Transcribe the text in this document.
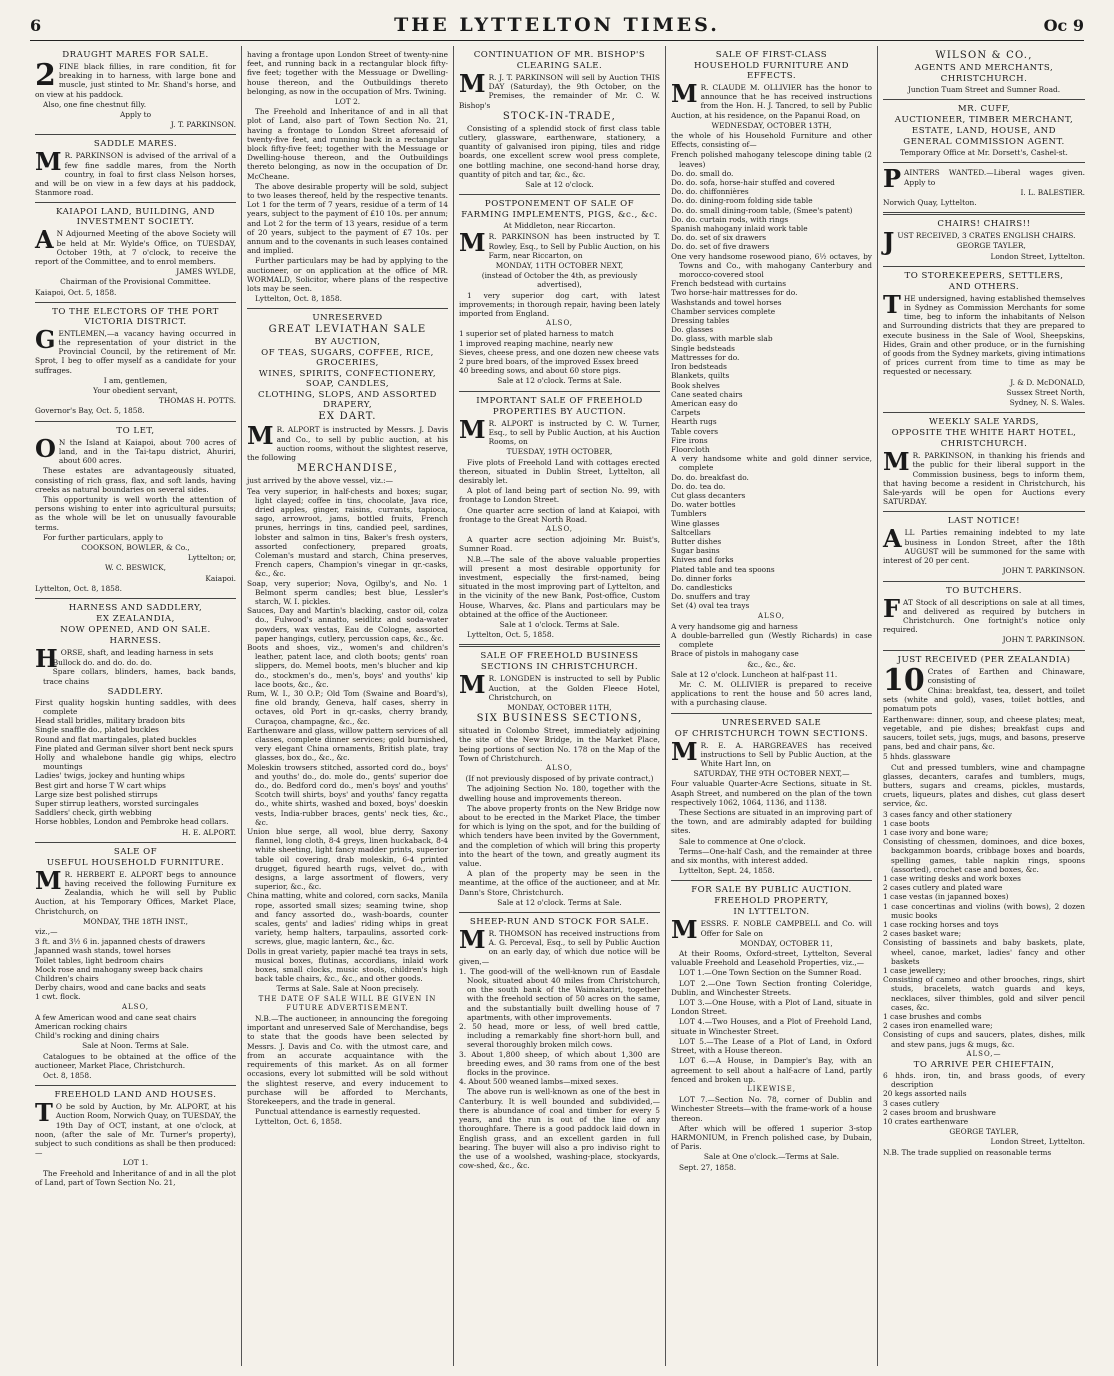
6	THE LYTTELTON TIMES.	Oc 9
DRAUGHT MARES FOR SALE.

2 FINE black fillies, in rare condition, fit for breaking in to harness, with large bone and muscle, just stinted to Mr. Shand's horse, and on view at his paddock.

Also, one fine chestnut filly.

Apply to

J. T. PARKINSON.

SADDLE MARES.

M R. PARKINSON is advised of the arrival of a few fine saddle mares, from the North country, in foal to first class Nelson horses, and will be on view in a few days at his paddock, Stanmore road.

KAIAPOI LAND, BUILDING, AND INVESTMENT SOCIETY.

A N Adjourned Meeting of the above Society will be held at Mr. Wylde's Office, on TUESDAY, October 19th, at 7 o'clock, to receive the report of the Committee, and to enrol members.

JAMES WYLDE,

Chairman of the Provisional Committee.

Kaiapoi, Oct. 5, 1858.

TO THE ELECTORS OF THE PORT VICTORIA DISTRICT.

GENTLEMEN,—a vacancy having occurred in the representation of your district in the Provincial Council, by the retirement of Mr. Sprot, I beg to offer myself as a candidate for your suffrages.

I am, gentlemen,

Your obedient servant,

THOMAS H. POTTS.

Governor's Bay, Oct. 5, 1858.

TO LET,

O N the Island at Kaiapoi, about 700 acres of land, and in the Tai-tapu district, Ahuriri, about 600 acres.

These estates are advantageously situated, consisting of rich grass, flax, and soft lands, having creeks as natural boundaries on several sides.

This opportunity is well worth the attention of persons wishing to enter into agricultural pursuits; as the whole will be let on unusually favourable terms.

For further particulars, apply to

COOKSON, BOWLER, & Co.,

Lyttelton; or,

W. C. BESWICK,

Kaiapoi.

Lyttelton, Oct. 8, 1858.

HARNESS AND SADDLERY,
EX ZEALANDIA,
NOW OPENED, AND ON SALE.
HARNESS.

HORSE, shaft, and leading harness in sets

Bullock do. and do. do. do.
Spare collars, blinders, hames, back bands, trace chains
SADDLERY.
First quality hogskin hunting saddles, with dees complete
Head stall bridles, military bradoon bits
Single snaffle do., plated buckles
Round and flat martingales, plated buckles
Fine plated and German silver short bent neck spurs
Holly and whalebone handle gig whips, electro mountings
Ladies' twigs, jockey and hunting whips
Best girt and horse T W cart whips
Large size best polished stirrups
Super stirrup leathers, worsted surcingales
Saddlers' check, girth webbing
Horse hobbles, London and Pembroke head collars.

H. E. ALPORT.

SALE OF
USEFUL HOUSEHOLD FURNITURE.

M R. HERBERT E. ALPORT begs to announce having received the following Furniture ex Zealandia, which he will sell by Public Auction, at his Temporary Offices, Market Place, Christchurch, on

MONDAY, THE 18TH INST.,

viz.,—

3 ft. and 3½ 6 in. japanned chests of drawers
Japanned wash stands, towel horses
Toilet tables, light bedroom chairs
Mock rose and mahogany sweep back chairs
Children's chairs
Derby chairs, wood and cane backs and seats
1 cwt. flock.

ALSO,

A few American wood and cane seat chairs
American rocking chairs
Child's rocking and dining chairs

Sale at Noon. Terms at Sale.

Catalogues to be obtained at the office of the auctioneer, Market Place, Christchurch.

Oct. 8, 1858.

FREEHOLD LAND AND HOUSES.

T O be sold by Auction, by Mr. ALPORT, at his Auction Room, Norwich Quay, on TUESDAY, the 19th Day of OCT, instant, at one o'clock, at noon, (after the sale of Mr. Turner's property), subject to such conditions as shall be then produced:—

LOT 1.

The Freehold and Inheritance of and in all the plot of Land, part of Town Section No. 21,

having a frontage upon London Street of twenty-nine feet, and running back in a rectangular block fifty-five feet; together with the Messuage or Dwelling-house thereon, and the Outbuildings thereto belonging, as now in the occupation of Mrs. Twining.

LOT 2.

The Freehold and Inheritance of and in all that plot of Land, also part of Town Section No. 21, having a frontage to London Street aforesaid of twenty-five feet, and running back in a rectangular block fifty-five feet; together with the Messuage or Dwelling-house thereon, and the Outbuildings thereto belonging, as now in the occupation of Dr. McCheane.

The above desirable property will be sold, subject to two leases thereof, held by the respective tenants. Lot 1 for the term of 7 years, residue of a term of 14 years, subject to the payment of £10 10s. per annum; and Lot 2 for the term of 13 years, residue of a term of 20 years, subject to the payment of £7 10s. per annum and to the covenants in such leases contained and implied.

Further particulars may be had by applying to the auctioneer, or on application at the office of MR. WORMALD, Solicitor, where plans of the respective lots may be seen.

Lyttelton, Oct. 8, 1858.

UNRESERVED
GREAT LEVIATHAN SALE
BY AUCTION,
OF TEAS, SUGARS, COFFEE, RICE, GROCERIES,
WINES, SPIRITS, CONFECTIONERY, SOAP, CANDLES,
CLOTHING, SLOPS, AND ASSORTED DRAPERY,
EX DART.

M R. ALPORT is instructed by Messrs. J. Davis and Co., to sell by public auction, at his auction rooms, without the slightest reserve, the following

MERCHANDISE,

just arrived by the above vessel, viz.:—

Tea very superior, in half-chests and boxes; sugar, light clayed; coffee in tins, chocolate, Java rice, dried apples, ginger, raisins, currants, tapioca, sago, arrowroot, jams, bottled fruits, French prunes, herrings in tins, candied peel, sardines, lobster and salmon in tins, Baker's fresh oysters, assorted confectionery, prepared groats, Coleman's mustard and starch, China preserves, French capers, Champion's vinegar in qr.-casks, &c., &c.
Soap, very superior; Nova, Ogilby's, and No. 1 Belmont sperm candles; best blue, Lessler's starch, W. I. pickles.
Sauces, Day and Martin's blacking, castor oil, colza do., Fulwood's annatto, seidlitz and soda-water powders, wax vestas, Eau de Cologne, assorted paper hangings, cutlery, percussion caps, &c., &c.
Boots and shoes, viz., women's and children's leather, patent lace, and cloth boots; gents' roan slippers, do. Memel boots, men's blucher and kip do., stockmen's do., men's, boys' and youths' kip lace boots, &c., &c.
Rum, W. I., 30 O.P.; Old Tom (Swaine and Board's), fine old brandy, Geneva, half cases, sherry in octaves, old Port in qr.-casks, cherry brandy, Curaçoa, champagne, &c., &c.
Earthenware and glass, willow pattern services of all classes, complete dinner services; gold burnished, very elegant China ornaments, British plate, tray glasses, box do., &c., &c.
Moleskin trowsers stitched, assorted cord do., boys' and youths' do., do. mole do., gents' superior doe do., do. Bedford cord do., men's boys' and youths' Scotch twill shirts, boys' and youths' fancy regatta do., white shirts, washed and boxed, boys' doeskin vests, India-rubber braces, gents' neck ties, &c., &c.
Union blue serge, all wool, blue derry, Saxony flannel, long cloth, 8-4 greys, linen huckaback, 8-4 white sheeting, light fancy madder prints, superior table oil covering, drab moleskin, 6-4 printed drugget, figured hearth rugs, velvet do., with designs, a large assortment of flowers, very superior, &c., &c.
China matting, white and colored, corn sacks, Manila rope, assorted small sizes; seaming twine, shop and fancy assorted do., wash-boards, counter scales, gents' and ladies' riding whips in great variety, hemp halters, tarpaulins, assorted cork-screws, glue, magic lantern, &c., &c.
Dolls in great variety, papier maché tea trays in sets, musical boxes, flutinas, accordians, inlaid work boxes, small clocks, music stools, children's high back table chairs, &c., &c., and other goods.

Terms at Sale. Sale at Noon precisely.

THE DATE OF SALE WILL BE GIVEN IN FUTURE ADVERTISEMENT.

N.B.—The auctioneer, in announcing the foregoing important and unreserved Sale of Merchandise, begs to state that the goods have been selected by Messrs. J. Davis and Co. with the utmost care, and from an accurate acquaintance with the requirements of this market. As on all former occasions, every lot submitted will be sold without the slightest reserve, and every inducement to purchase will be afforded to Merchants, Storekeepers, and the trade in general.

Punctual attendance is earnestly requested.

Lyttelton, Oct. 6, 1858.

CONTINUATION OF MR. BISHOP'S
CLEARING SALE.

M R. J. T. PARKINSON will sell by Auction THIS DAY (Saturday), the 9th October, on the Premises, the remainder of Mr. C. W. Bishop's

STOCK-IN-TRADE,

Consisting of a splendid stock of first class table cutlery, glassware, earthenware, stationery, a quantity of galvanised iron piping, tiles and ridge boards, one excellent screw wool press complete, one bottling machine, one second-hand horse dray, quantity of pitch and tar, &c., &c.

Sale at 12 o'clock.

POSTPONEMENT OF SALE OF
FARMING IMPLEMENTS, PIGS, &c., &c.

At Middleton, near Riccarton.

M R. PARKINSON has been instructed by T. Rowley, Esq., to Sell by Public Auction, on his Farm, near Riccarton, on

MONDAY, 11TH OCTOBER NEXT,

(instead of October the 4th, as previously advertised),

1 very superior dog cart, with latest improvements; in thorough repair, having been lately imported from England.

ALSO,

1 superior set of plated harness to match
1 improved reaping machine, nearly new
Sieves, cheese press, and one dozen new cheese vats
2 pure bred boars, of the improved Essex breed
40 breeding sows, and about 60 store pigs.

Sale at 12 o'clock. Terms at Sale.

IMPORTANT SALE OF FREEHOLD
PROPERTIES BY AUCTION.

M R. ALPORT is instructed by C. W. Turner, Esq., to sell by Public Auction, at his Auction Rooms, on

TUESDAY, 19TH OCTOBER,

Five plots of Freehold Land with cottages erected thereon, situated in Dublin Street, Lyttelton, all desirably let.

A plot of land being part of section No. 99, with frontage to London Street.

One quarter acre section of land at Kaiapoi, with frontage to the Great North Road.

ALSO,

A quarter acre section adjoining Mr. Buist's, Sumner Road.

N.B.—The sale of the above valuable properties will present a most desirable opportunity for investment, especially the first-named, being situated in the most improving part of Lyttelton, and in the vicinity of the new Bank, Post-office, Custom House, Wharves, &c. Plans and particulars may be obtained at the office of the Auctioneer.

Sale at 1 o'clock. Terms at Sale.

Lyttelton, Oct. 5, 1858.

SALE OF FREEHOLD BUSINESS
SECTIONS IN CHRISTCHURCH.

M R. LONGDEN is instructed to sell by Public Auction, at the Golden Fleece Hotel, Christchurch, on

MONDAY, OCTOBER 11TH,

SIX BUSINESS SECTIONS,

situated in Colombo Street, immediately adjoining the site of the New Bridge, in the Market Place, being portions of section No. 178 on the Map of the Town of Christchurch.

ALSO,

(If not previously disposed of by private contract,)

The adjoining Section No. 180, together with the dwelling house and improvements thereon.

The above property fronts on the New Bridge now about to be erected in the Market Place, the timber for which is lying on the spot, and for the building of which tenders have been invited by the Government, and the completion of which will bring this property into the heart of the town, and greatly augment its value.

A plan of the property may be seen in the meantime, at the office of the auctioneer, and at Mr. Dann's Store, Christchurch.

Sale at 12 o'clock. Terms at Sale.

SHEEP-RUN AND STOCK FOR SALE.

M R. THOMSON has received instructions from A. G. Perceval, Esq., to sell by Public Auction on an early day, of which due notice will be given,—

1. The good-will of the well-known run of Easdale Nook, situated about 40 miles from Christchurch, on the south bank of the Waimakariri, together with the freehold section of 50 acres on the same, and the substantially built dwelling house of 7 apartments, with other improvements.
2. 50 head, more or less, of well bred cattle, including a remarkably fine short-horn bull, and several thoroughly broken milch cows.
3. About 1,800 sheep, of which about 1,300 are breeding ewes, and 30 rams from one of the best flocks in the province.
4. About 500 weaned lambs—mixed sexes.

The above run is well-known as one of the best in Canterbury. It is well bounded and subdivided,—there is abundance of coal and timber for every 5 years, and the run is out of the line of any thoroughfare. There is a good paddock laid down in English grass, and an excellent garden in full bearing. The buyer will also a pro indiviso right to the use of a woolshed, washing-place, stockyards, cow-shed, &c., &c.

SALE OF FIRST-CLASS
HOUSEHOLD FURNITURE AND EFFECTS.

M R. CLAUDE M. OLLIVIER has the honor to announce that he has received instructions from the Hon. H. J. Tancred, to sell by Public Auction, at his residence, on the Papanui Road, on

WEDNESDAY, OCTOBER 13TH,

the whole of his Household Furniture and other Effects, consisting of—

French polished mahogany telescope dining table (2 leaves)
Do. do. small do.
Do. do. sofa, horse-hair stuffed and covered
Do. do. chiffonnières
Do. do. dining-room folding side table
Do. do. small dining-room table, (Smee's patent)
Do. do. curtain rods, with rings
Spanish mahogany inlaid work table
Do. do. set of six drawers
Do. do. set of five drawers
One very handsome rosewood piano, 6½ octaves, by Towns and Co., with mahogany Canterbury and morocco-covered stool
French bedstead with curtains
Two horse-hair mattresses for do.
Washstands and towel horses
Chamber services complete
Dressing tables
Do. glasses
Do. glass, with marble slab
Single bedsteads
Mattresses for do.
Iron bedsteads
Blankets, quilts
Book shelves
Cane seated chairs
American easy do
Carpets
Hearth rugs
Table covers
Fire irons
Floorcloth
A very handsome white and gold dinner service, complete
Do. do. breakfast do.
Do. do. tea do.
Cut glass decanters
Do. water bottles
Tumblers
Wine glasses
Saltcellars
Butter dishes
Sugar basins
Knives and forks
Plated table and tea spoons
Do. dinner forks
Do. candlesticks
Do. snuffers and tray
Set (4) oval tea trays

ALSO,

A very handsome gig and harness
A double-barrelled gun (Westly Richards) in case complete
Brace of pistols in mahogany case

&c., &c., &c.

Sale at 12 o'clock. Luncheon at half-past 11.

Mr. C. M. OLLIVIER is prepared to receive applications to rent the house and 50 acres land, with a purchasing clause.

UNRESERVED SALE
OF CHRISTCHURCH TOWN SECTIONS.

M R. E. A. HARGREAVES has received instructions to Sell by Public Auction, at the White Hart Inn, on

SATURDAY, THE 9TH OCTOBER NEXT,—

Four valuable Quarter-Acre Sections, situate in St. Asaph Street, and numbered on the plan of the town respectively 1062, 1064, 1136, and 1138.

These Sections are situated in an improving part of the town, and are admirably adapted for building sites.

Sale to commence at One o'clock.

Terms—One-half Cash, and the remainder at three and six months, with interest added.

Lyttelton, Sept. 24, 1858.

FOR SALE BY PUBLIC AUCTION.
FREEHOLD PROPERTY,
IN LYTTELTON.

MESSRS. F. NOBLE CAMPBELL and Co. will Offer for Sale on

MONDAY, OCTOBER 11,

At their Rooms, Oxford-street, Lyttelton, Several valuable Freehold and Leasehold Properties, viz.,—

LOT 1.—One Town Section on the Sumner Road.

LOT 2.—One Town Section fronting Coleridge, Dublin, and Winchester Streets.

LOT 3.—One House, with a Plot of Land, situate in London Street.

LOT 4.—Two Houses, and a Plot of Freehold Land, situate in Winchester Street.

LOT 5.—The Lease of a Plot of Land, in Oxford Street, with a House thereon.

LOT 6.—A House, in Dampier's Bay, with an agreement to sell about a half-acre of Land, partly fenced and broken up.

LIKEWISE,

LOT 7.—Section No. 78, corner of Dublin and Winchester Streets—with the frame-work of a house thereon.

After which will be offered 1 superior 3-stop HARMONIUM, in French polished case, by Dubain, of Paris.

Sale at One o'clock.—Terms at Sale.

Sept. 27, 1858.

WILSON & CO.,
AGENTS AND MERCHANTS,
CHRISTCHURCH.

Junction Tuam Street and Sumner Road.

MR. CUFF,
AUCTIONEER, TIMBER MERCHANT,
ESTATE, LAND, HOUSE, AND
GENERAL COMMISSION AGENT.

Temporary Office at Mr. Dorsett's, Cashel-st.

PAINTERS WANTED.—Liberal wages given. Apply to

I. L. BALESTIER.

Norwich Quay, Lyttelton.

CHAIRS! CHAIRS!!

JUST RECEIVED, 3 CRATES ENGLISH CHAIRS.

GEORGE TAYLER,

London Street, Lyttelton.

TO STOREKEEPERS, SETTLERS,
AND OTHERS.

THE undersigned, having established themselves in Sydney as Commission Merchants for some time, beg to inform the inhabitants of Nelson and Surrounding districts that they are prepared to execute business in the Sale of Wool, Sheepskins, Hides, Grain and other produce, or in the furnishing of goods from the Sydney markets, giving intimations of prices current from time to time as may be requested or necessary.

J. & D. McDONALD,

Sussex Street North,

Sydney, N. S. Wales.

WEEKLY SALE YARDS,
OPPOSITE THE WHITE HART HOTEL,
CHRISTCHURCH.

M R. PARKINSON, in thanking his friends and the public for their liberal support in the Commission business, begs to inform them, that having become a resident in Christchurch, his Sale-yards will be open for Auctions every SATURDAY.

LAST NOTICE!

ALL Parties remaining indebted to my late business in London Street, after the 18th AUGUST will be summoned for the same with interest of 20 per cent.

JOHN T. PARKINSON.

TO BUTCHERS.

FAT Stock of all descriptions on sale at all times, and delivered as required by butchers in Christchurch. One fortnight's notice only required.

JOHN T. PARKINSON.

JUST RECEIVED (PER ZEALANDIA)

10 Crates of Earthen and Chinaware, consisting of

China: breakfast, tea, dessert, and toilet sets (white and gold), vases, toilet bottles, and pomatum pots

Earthenware: dinner, soup, and cheese plates; meat, vegetable, and pie dishes; breakfast cups and saucers, toilet sets, jugs, mugs, and basons, preserve pans, bed and chair pans, &c.

5 hhds. glassware

Cut and pressed tumblers, wine and champagne glasses, decanters, carafes and tumblers, mugs, butters, sugars and creams, pickles, mustards, cruets, liqueurs, plates and dishes, cut glass desert service, &c.

3 cases fancy and other stationery
1 case boots
1 case ivory and bone ware;
Consisting of chessmen, dominoes, and dice boxes, backgammon boards, cribbage boxes and boards, spelling games, table napkin rings, spoons (assorted), crochet case and boxes, &c.
1 case writing desks and work boxes
2 cases cutlery and plated ware
1 case vestas (in japanned boxes)
1 case concertinas and violins (with bows), 2 dozen music books
1 case rocking horses and toys
2 cases basket ware;
Consisting of bassinets and baby baskets, plate, wheel, canoe, market, ladies' fancy and other baskets
1 case jewellery;
Consisting of cameo and other brooches, rings, shirt studs, bracelets, watch guards and keys, necklaces, silver thimbles, gold and silver pencil cases, &c.
1 case brushes and combs
2 cases iron enamelled ware;
Consisting of cups and saucers, plates, dishes, milk and stew pans, jugs & mugs, &c.

ALSO,—

TO ARRIVE PER CHIEFTAIN,
6 hhds. iron, tin, and brass goods, of every description
20 kegs assorted nails
3 cases cutlery
2 cases broom and brushware
10 crates earthenware

GEORGE TAYLER,

London Street, Lyttelton.

N.B. The trade supplied on reasonable terms
